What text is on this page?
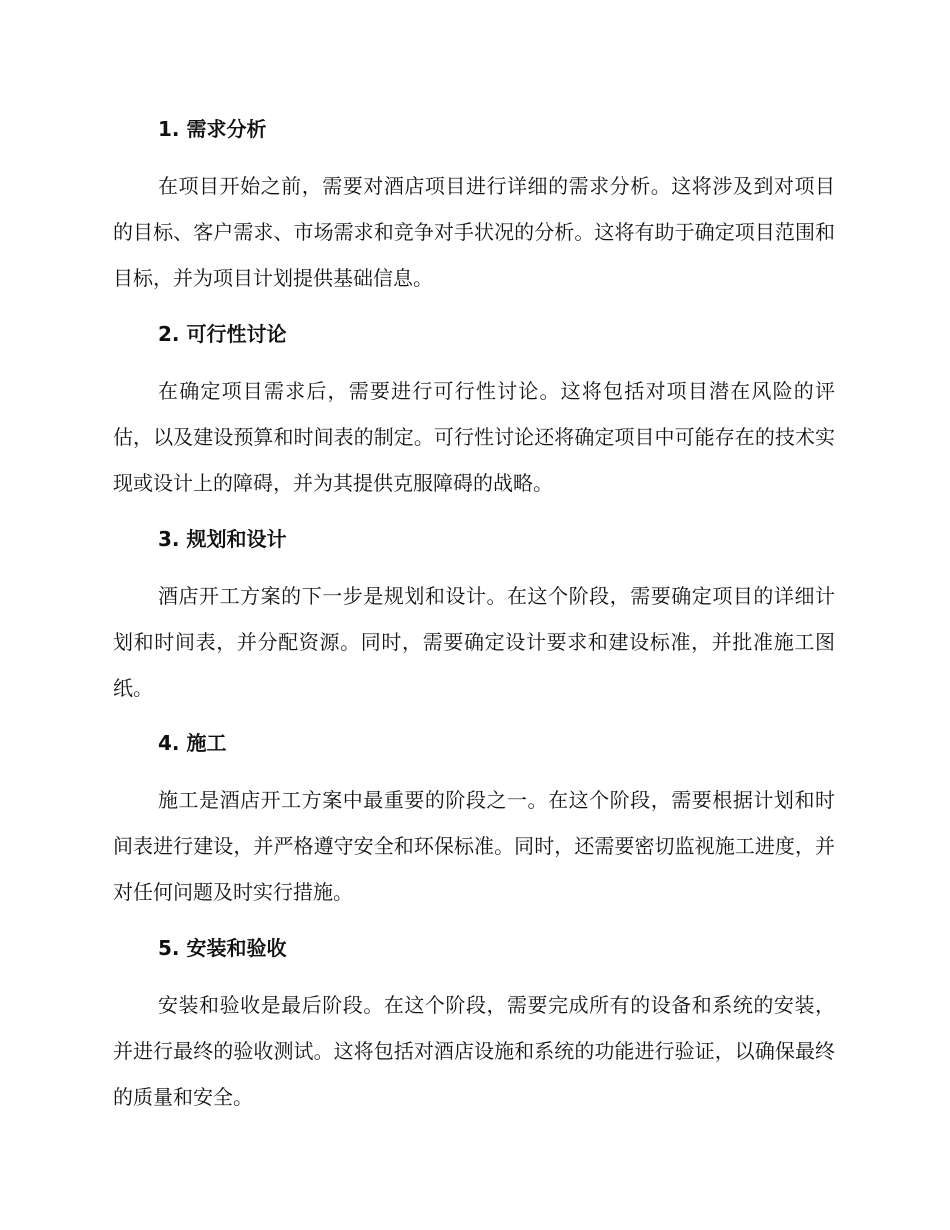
1. 需求分析

在项目开始之前，需要对酒店项目进行详细的需求分析。这将涉及到对项目的目标、客户需求、市场需求和竞争对手状况的分析。这将有助于确定项目范围和目标，并为项目计划提供基础信息。

2. 可行性讨论

在确定项目需求后，需要进行可行性讨论。这将包括对项目潜在风险的评估，以及建设预算和时间表的制定。可行性讨论还将确定项目中可能存在的技术实现或设计上的障碍，并为其提供克服障碍的战略。

3. 规划和设计

酒店开工方案的下一步是规划和设计。在这个阶段，需要确定项目的详细计划和时间表，并分配资源。同时，需要确定设计要求和建设标准，并批准施工图纸。

4. 施工

施工是酒店开工方案中最重要的阶段之一。在这个阶段，需要根据计划和时间表进行建设，并严格遵守安全和环保标准。同时，还需要密切监视施工进度，并对任何问题及时实行措施。

5. 安装和验收

安装和验收是最后阶段。在这个阶段，需要完成所有的设备和系统的安装，并进行最终的验收测试。这将包括对酒店设施和系统的功能进行验证，以确保最终的质量和安全。
